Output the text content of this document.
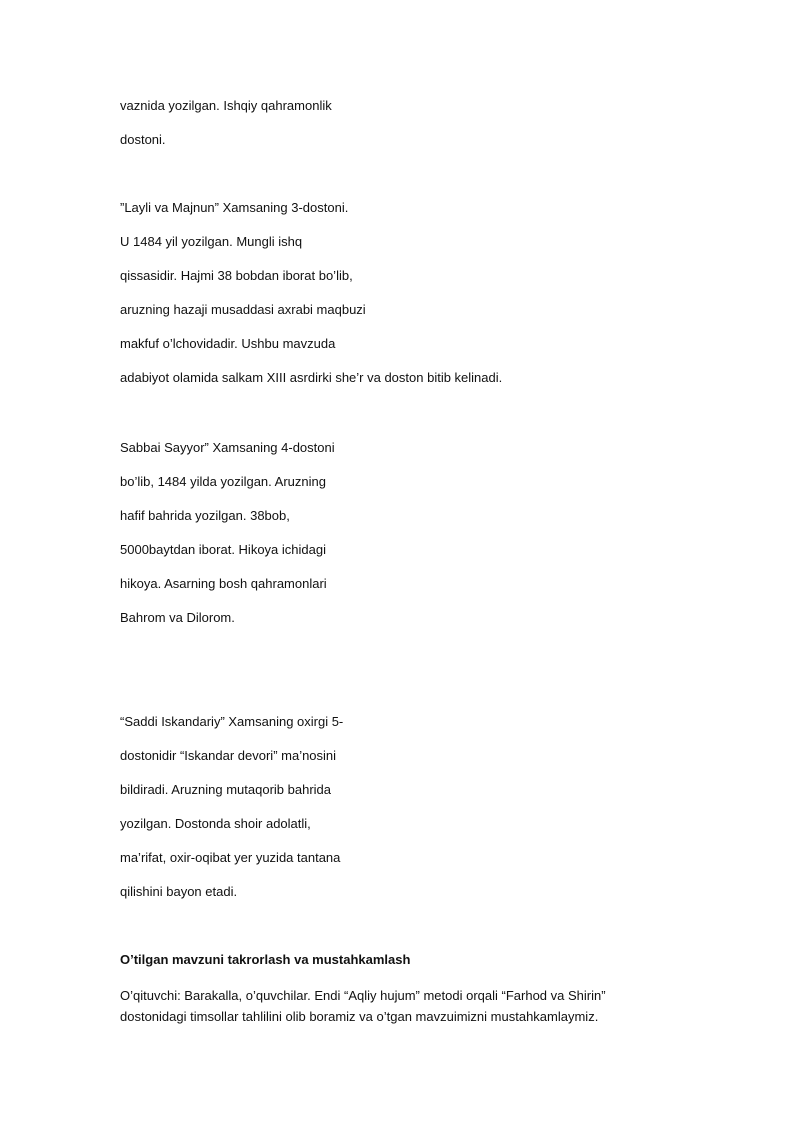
vaznida yozilgan. Ishqiy qahramonlik
dostoni.
”Layli va Majnun” Xamsaning 3-dostoni.
U 1484 yil yozilgan. Mungli ishq
qissasidir. Hajmi 38 bobdan iborat bo’lib,
aruzning hazaji musaddasi axrabi maqbuzi
makfuf o’lchovidadir. Ushbu mavzuda
adabiyot olamida salkam XIII asrdirki she’r va doston bitib kelinadi.
Sabbai Sayyor” Xamsaning 4-dostoni
bo’lib, 1484 yilda yozilgan. Aruzning
hafif bahrida yozilgan. 38bob,
5000baytdan iborat. Hikoya ichidagi
hikoya. Asarning bosh qahramonlari
Bahrom va Dilorom.
“Saddi Iskandariy” Xamsaning oxirgi 5-
dostonidir “Iskandar devori” ma’nosini
bildiradi. Aruzning mutaqorib bahrida
yozilgan. Dostonda shoir adolatli,
ma’rifat, oxir-oqibat yer yuzida tantana
qilishini bayon etadi.
O’tilgan mavzuni takrorlash va mustahkamlash
O’qituvchi: Barakalla, o’quvchilar. Endi “Aqliy hujum” metodi orqali “Farhod va Shirin” dostonidagi timsollar tahlilini olib boramiz va o’tgan mavzuimizni mustahkamlaymiz.
